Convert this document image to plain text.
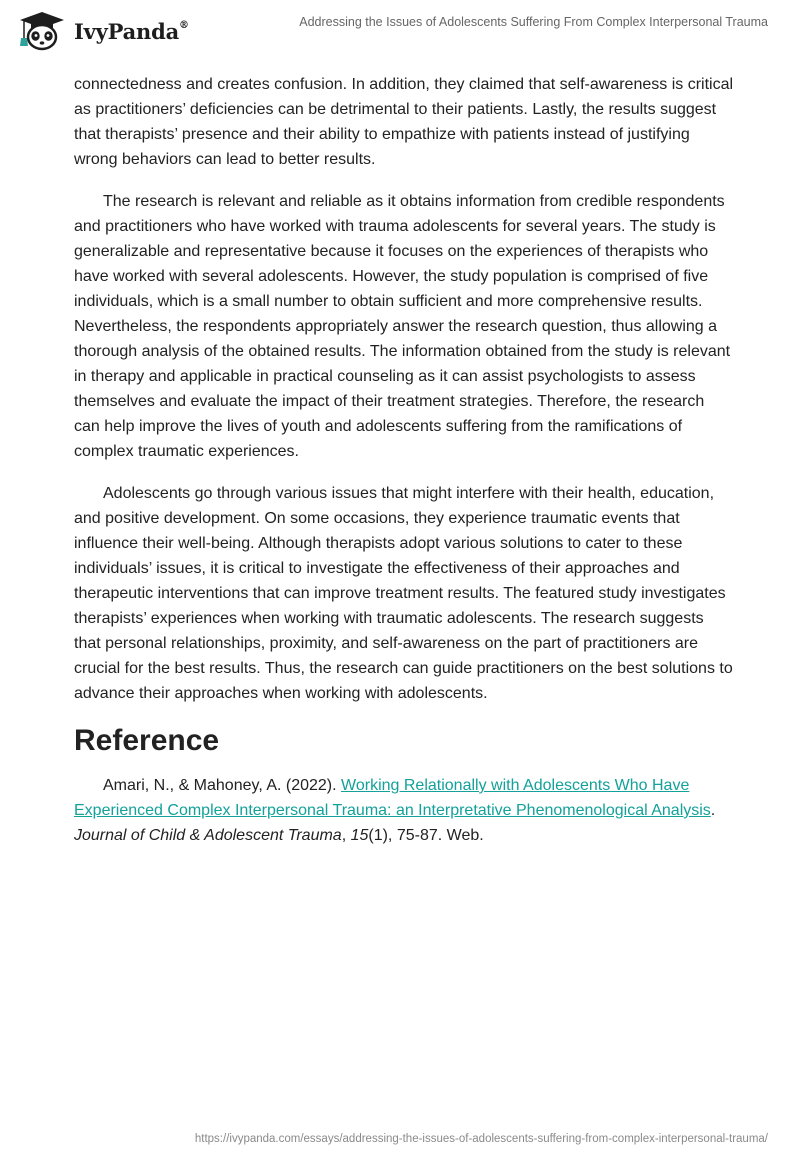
IvyPanda®	Addressing the Issues of Adolescents Suffering From Complex Interpersonal Trauma

connectedness and creates confusion. In addition, they claimed that self-awareness is critical as practitioners’ deficiencies can be detrimental to their patients. Lastly, the results suggest that therapists’ presence and their ability to empathize with patients instead of justifying wrong behaviors can lead to better results.

The research is relevant and reliable as it obtains information from credible respondents and practitioners who have worked with trauma adolescents for several years. The study is generalizable and representative because it focuses on the experiences of therapists who have worked with several adolescents. However, the study population is comprised of five individuals, which is a small number to obtain sufficient and more comprehensive results. Nevertheless, the respondents appropriately answer the research question, thus allowing a thorough analysis of the obtained results. The information obtained from the study is relevant in therapy and applicable in practical counseling as it can assist psychologists to assess themselves and evaluate the impact of their treatment strategies. Therefore, the research can help improve the lives of youth and adolescents suffering from the ramifications of complex traumatic experiences.

Adolescents go through various issues that might interfere with their health, education, and positive development. On some occasions, they experience traumatic events that influence their well-being. Although therapists adopt various solutions to cater to these individuals’ issues, it is critical to investigate the effectiveness of their approaches and therapeutic interventions that can improve treatment results. The featured study investigates therapists’ experiences when working with traumatic adolescents. The research suggests that personal relationships, proximity, and self-awareness on the part of practitioners are crucial for the best results. Thus, the research can guide practitioners on the best solutions to advance their approaches when working with adolescents.

Reference

Amari, N., & Mahoney, A. (2022). Working Relationally with Adolescents Who Have Experienced Complex Interpersonal Trauma: an Interpretative Phenomenological Analysis. Journal of Child & Adolescent Trauma, 15(1), 75-87. Web.

https://ivypanda.com/essays/addressing-the-issues-of-adolescents-suffering-from-complex-interpersonal-trauma/
